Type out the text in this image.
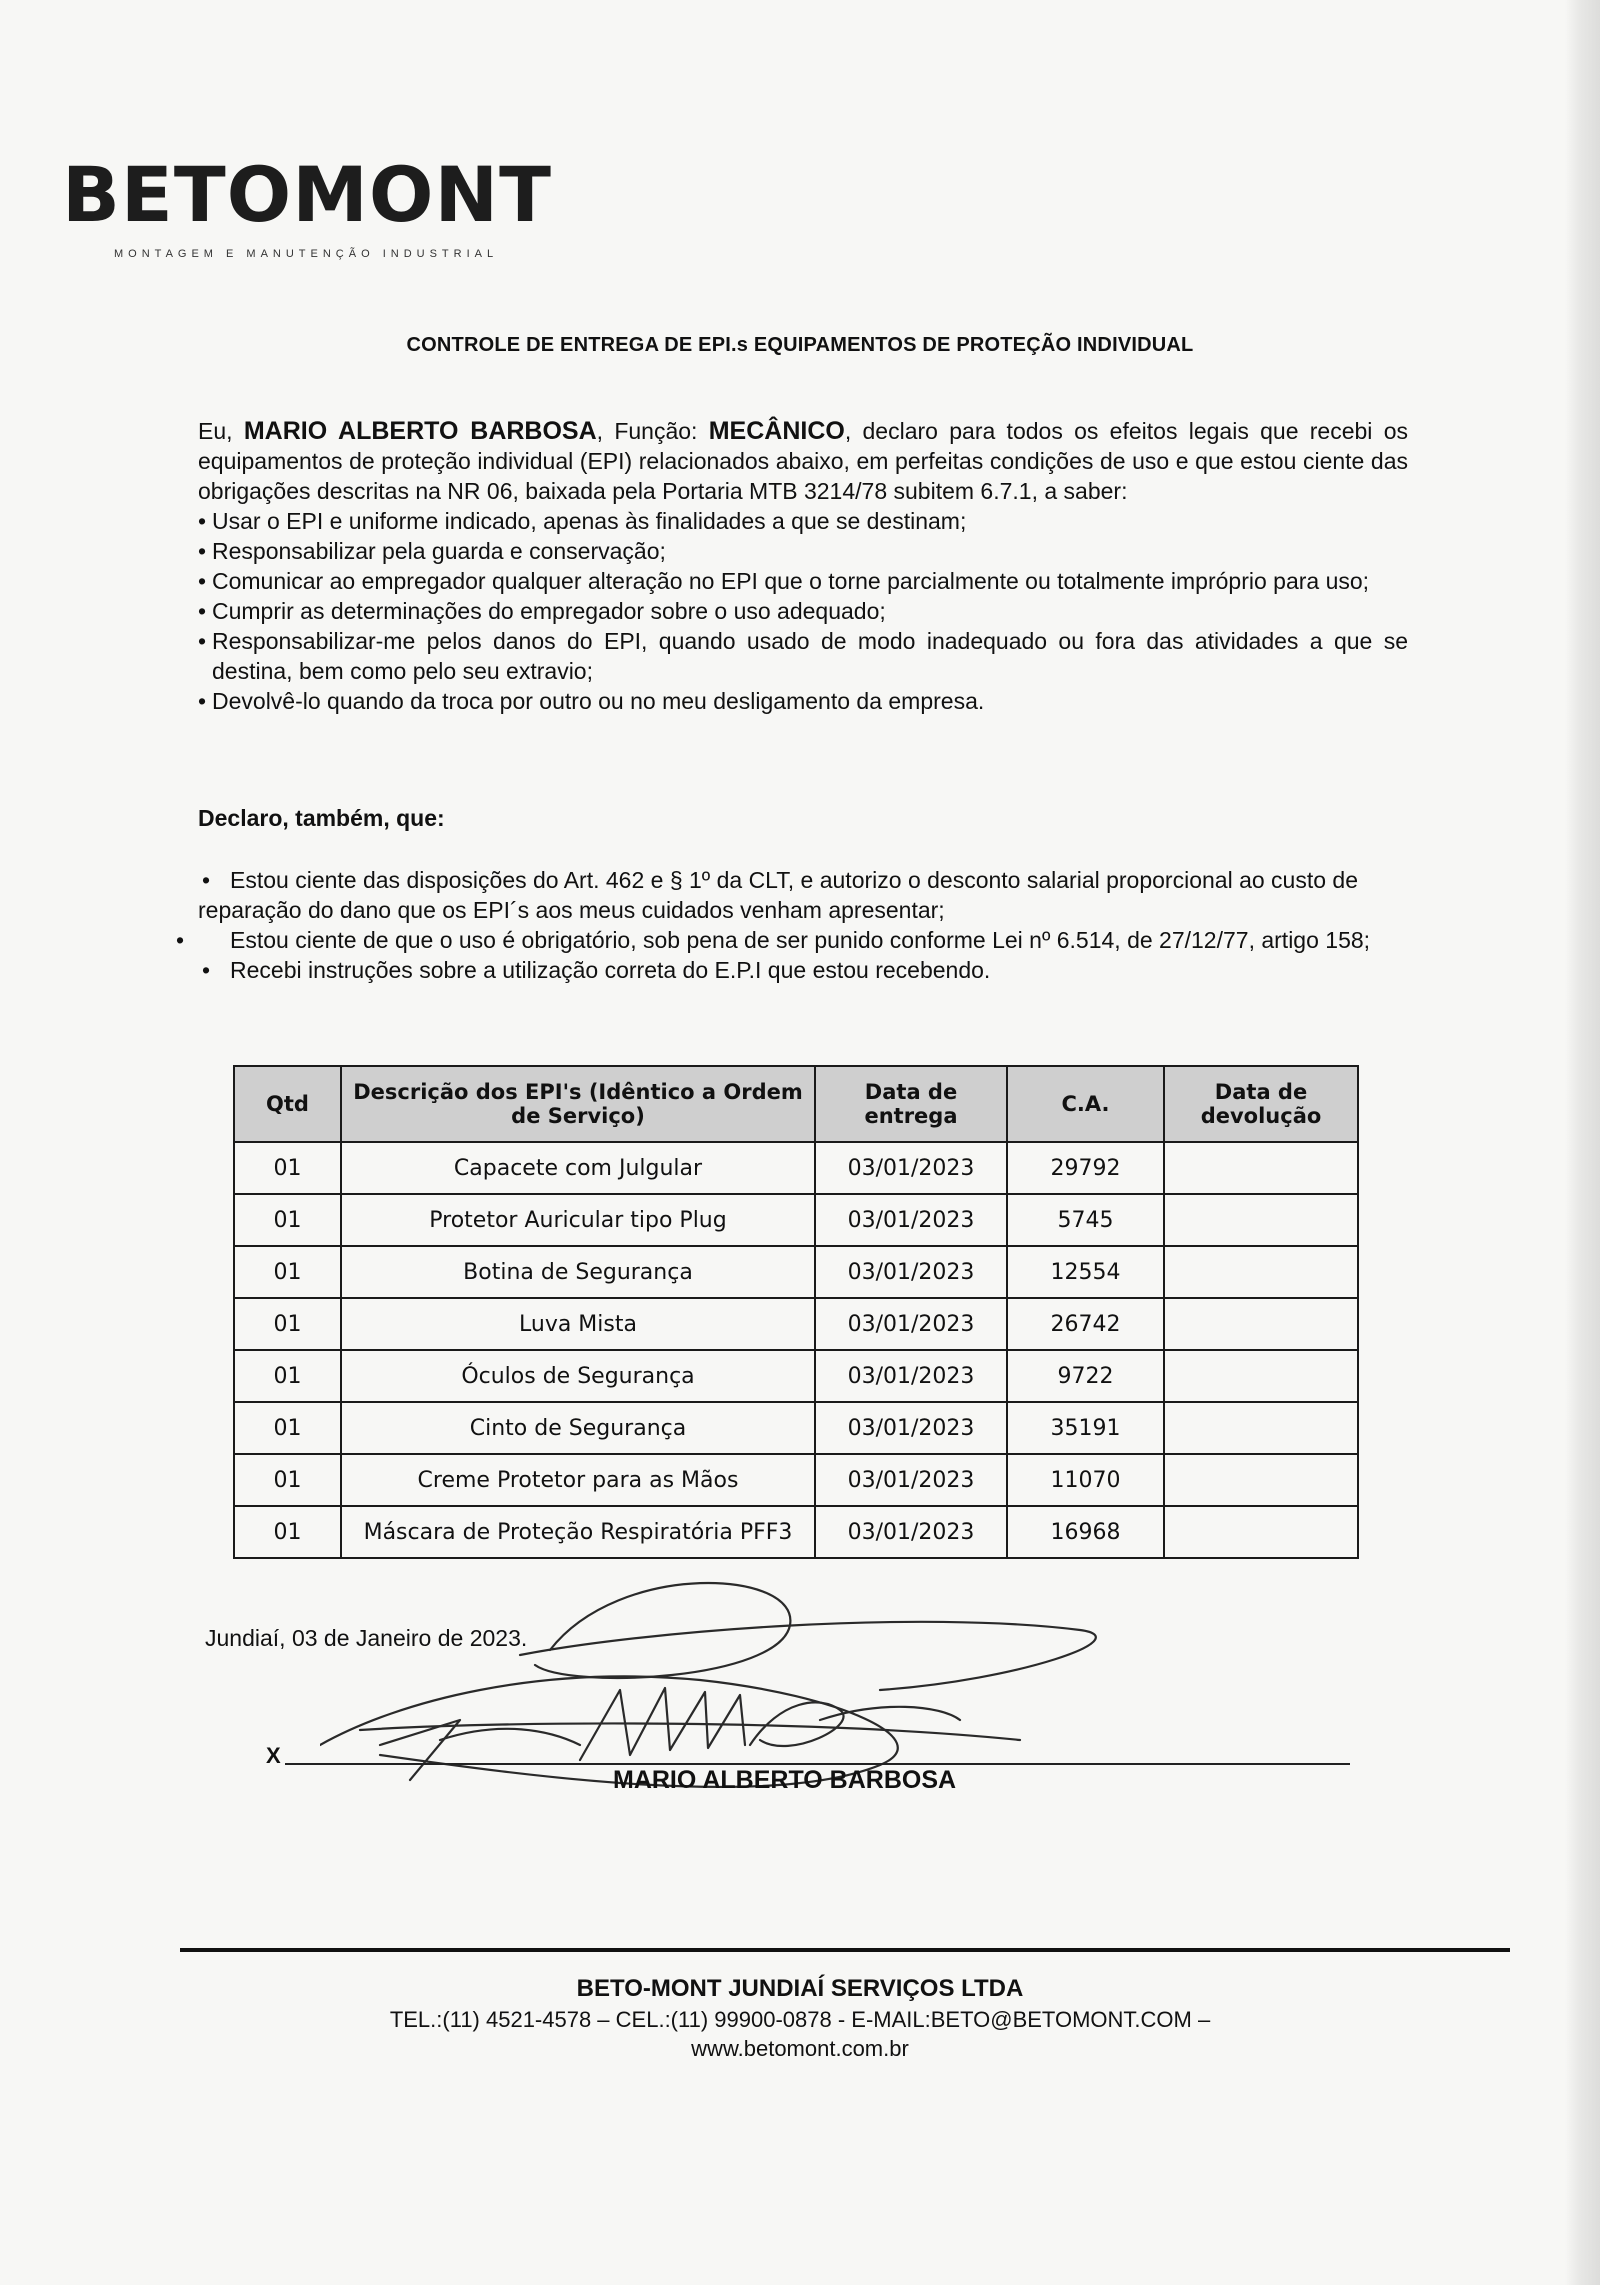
BETOMONT
MONTAGEM E MANUTENÇÃO INDUSTRIAL
CONTROLE DE ENTREGA DE EPI.s EQUIPAMENTOS DE PROTEÇÃO INDIVIDUAL
Eu, MARIO ALBERTO BARBOSA, Função: MECÂNICO, declaro para todos os efeitos legais que recebi os equipamentos de proteção individual (EPI) relacionados abaixo, em perfeitas condições de uso e que estou ciente das obrigações descritas na NR 06, baixada pela Portaria MTB 3214/78 subitem 6.7.1, a saber:
• Usar o EPI e uniforme indicado, apenas às finalidades a que se destinam;
• Responsabilizar pela guarda e conservação;
• Comunicar ao empregador qualquer alteração no EPI que o torne parcialmente ou totalmente impróprio para uso;
• Cumprir as determinações do empregador sobre o uso adequado;
• Responsabilizar-me pelos danos do EPI, quando usado de modo inadequado ou fora das atividades a que se destina, bem como pelo seu extravio;
• Devolvê-lo quando da troca por outro ou no meu desligamento da empresa.
Declaro, também, que:
• Estou ciente das disposições do Art. 462 e § 1º da CLT, e autorizo o desconto salarial proporcional ao custo de reparação do dano que os EPI´s aos meus cuidados venham apresentar;
• Estou ciente de que o uso é obrigatório, sob pena de ser punido conforme Lei nº 6.514, de 27/12/77, artigo 158;
• Recebi instruções sobre a utilização correta do E.P.I que estou recebendo.
Qtd	Descrição dos EPI's (Idêntico a Ordem de Serviço)	Data de entrega	C.A.	Data de devolução
01	Capacete com Julgular	03/01/2023	29792	
01	Protetor Auricular tipo Plug	03/01/2023	5745	
01	Botina de Segurança	03/01/2023	12554	
01	Luva Mista	03/01/2023	26742	
01	Óculos de Segurança	03/01/2023	9722	
01	Cinto de Segurança	03/01/2023	35191	
01	Creme Protetor para as Mãos	03/01/2023	11070	
01	Máscara de Proteção Respiratória PFF3	03/01/2023	16968	
Jundiaí, 03 de Janeiro de 2023.
X
MARIO ALBERTO BARBOSA
BETO-MONT JUNDIAÍ SERVIÇOS LTDA
TEL.:(11) 4521-4578 – CEL.:(11) 99900-0878 - E-MAIL:BETO@BETOMONT.COM –
www.betomont.com.br
